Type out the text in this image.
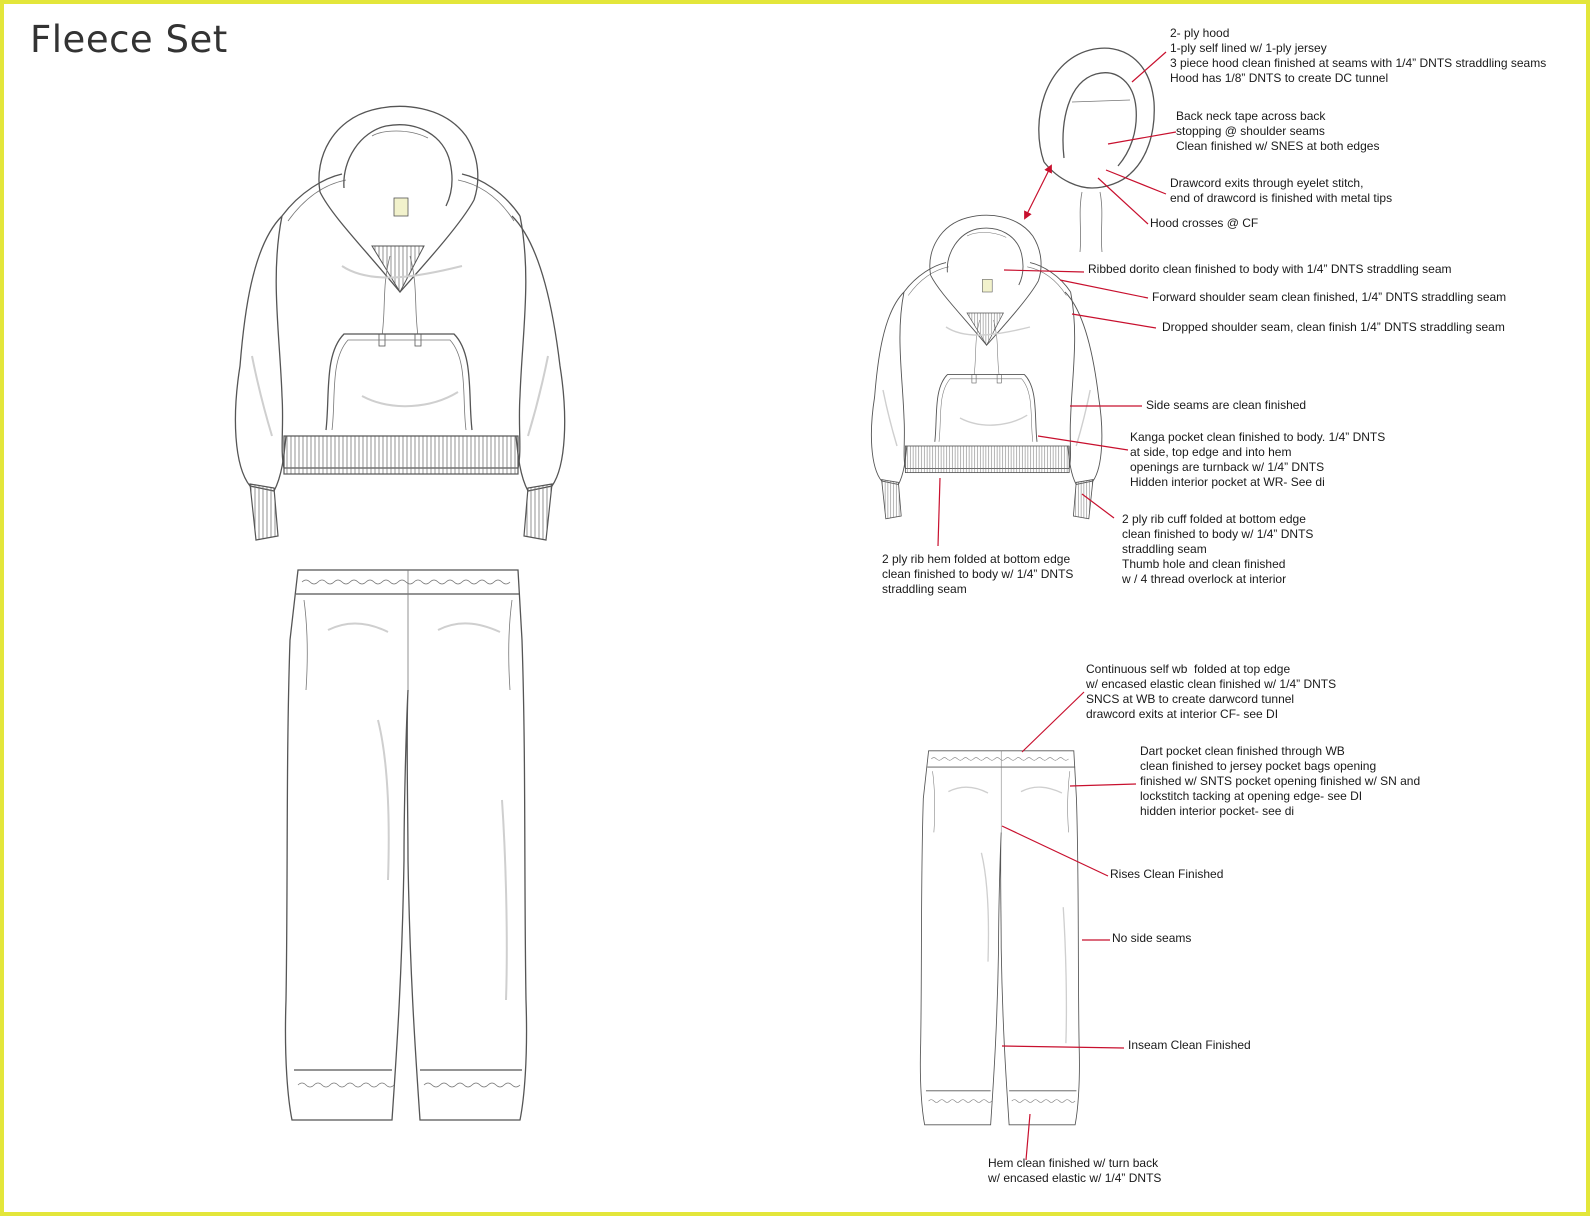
Fleece Set	2- ply hood
1-ply self lined w/ 1-ply jersey
3 piece hood clean finished at seams with 1/4” DNTS straddling seams
Hood has 1/8” DNTS to create DC tunnel
Back neck tape across back
stopping @ shoulder seams
Clean finished w/ SNES at both edges
Drawcord exits through eyelet stitch,
end of drawcord is finished with metal tips
Hood crosses @ CF
Ribbed dorito clean finished to body with 1/4” DNTS straddling seam
Forward shoulder seam clean finished, 1/4” DNTS straddling seam
Dropped shoulder seam, clean finish 1/4” DNTS straddling seam
Side seams are clean finished
Kanga pocket clean finished to body. 1/4” DNTS
at side, top edge and into hem
openings are turnback w/ 1/4” DNTS
Hidden interior pocket at WR- See di
2 ply rib cuff folded at bottom edge
clean finished to body w/ 1/4” DNTS
straddling seam
Thumb hole and clean finished
w / 4 thread overlock at interior
2 ply rib hem folded at bottom edge
clean finished to body w/ 1/4” DNTS
straddling seam
Continuous self wb  folded at top edge
w/ encased elastic clean finished w/ 1/4” DNTS
SNCS at WB to create darwcord tunnel
drawcord exits at interior CF- see DI
Dart pocket clean finished through WB
clean finished to jersey pocket bags opening
finished w/ SNTS pocket opening finished w/ SN and
lockstitch tacking at opening edge- see DI
hidden interior pocket- see di
Rises Clean Finished
No side seams
Inseam Clean Finished
Hem clean finished w/ turn back
w/ encased elastic w/ 1/4” DNTS
